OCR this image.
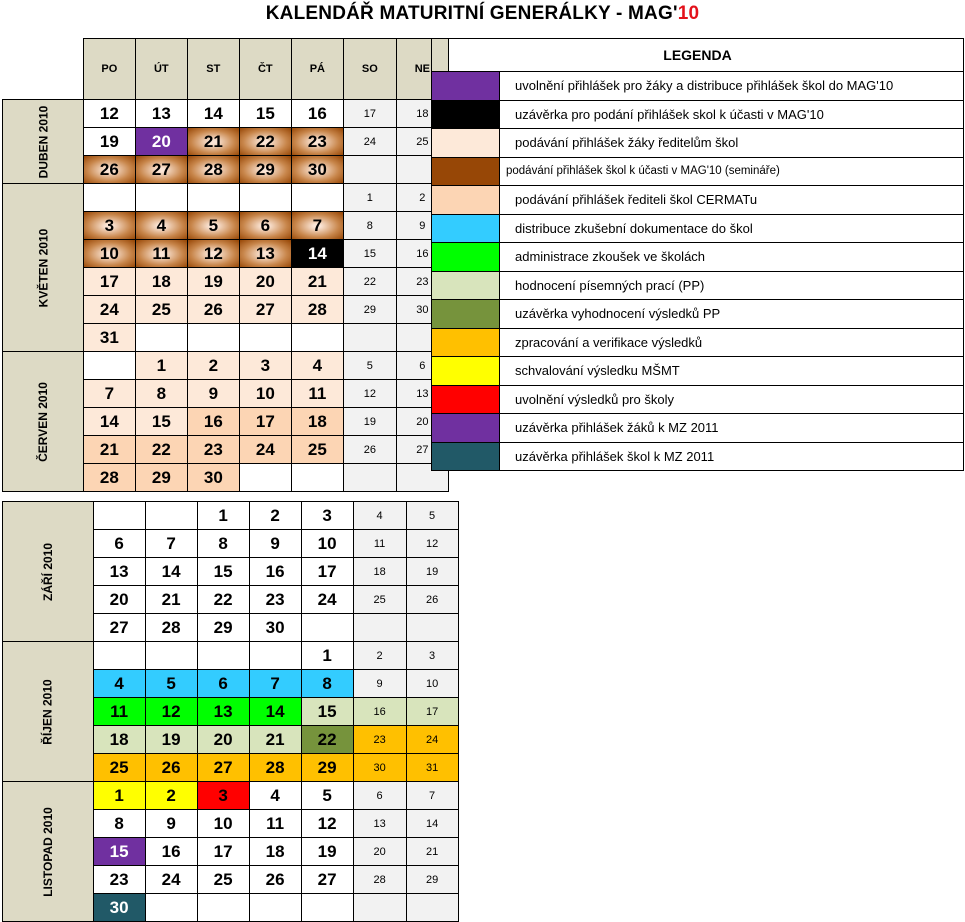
KALENDÁŘ MATURITNÍ GENERÁLKY - MAG'10
	PO	ÚT	ST	ČT	PÁ	SO	NE
DUBEN 2010	12	13	14	15	16	17	18
	19	20	21	22	23	24	25
	26	27	28	29	30		
KVĚTEN 2010						1	2
	3	4	5	6	7	8	9
	10	11	12	13	14	15	16
	17	18	19	20	21	22	23
	24	25	26	27	28	29	30
	31						
ČERVEN 2010		1	2	3	4	5	6
	7	8	9	10	11	12	13
	14	15	16	17	18	19	20
	21	22	23	24	25	26	27
	28	29	30				
ZÁŘÍ 2010			1	2	3	4	5
	6	7	8	9	10	11	12
	13	14	15	16	17	18	19
	20	21	22	23	24	25	26
	27	28	29	30			
ŘÍJEN 2010					1	2	3
	4	5	6	7	8	9	10
	11	12	13	14	15	16	17
	18	19	20	21	22	23	24
	25	26	27	28	29	30	31
LISTOPAD 2010	1	2	3	4	5	6	7
	8	9	10	11	12	13	14
	15	16	17	18	19	20	21
	23	24	25	26	27	28	29
	30						
LEGENDA	
	uvolnění přihlášek pro žáky a distribuce přihlášek škol do MAG'10
	uzávěrka pro podání přihlášek skol k účasti v MAG'10
	podávání přihlášek žáky ředitelům škol
	podávání přihlášek škol k účasti v MAG'10 (semináře)
	podávání přihlášek řediteli škol CERMATu
	distribuce zkušební dokumentace do škol
	administrace zkoušek ve školách
	hodnocení písemných prací (PP)
	uzávěrka vyhodnocení výsledků PP
	zpracování a verifikace výsledků
	schvalování výsledku MŠMT
	uvolnění výsledků pro školy
	uzávěrka přihlášek žáků k MZ 2011
	uzávěrka přihlášek škol k MZ 2011
